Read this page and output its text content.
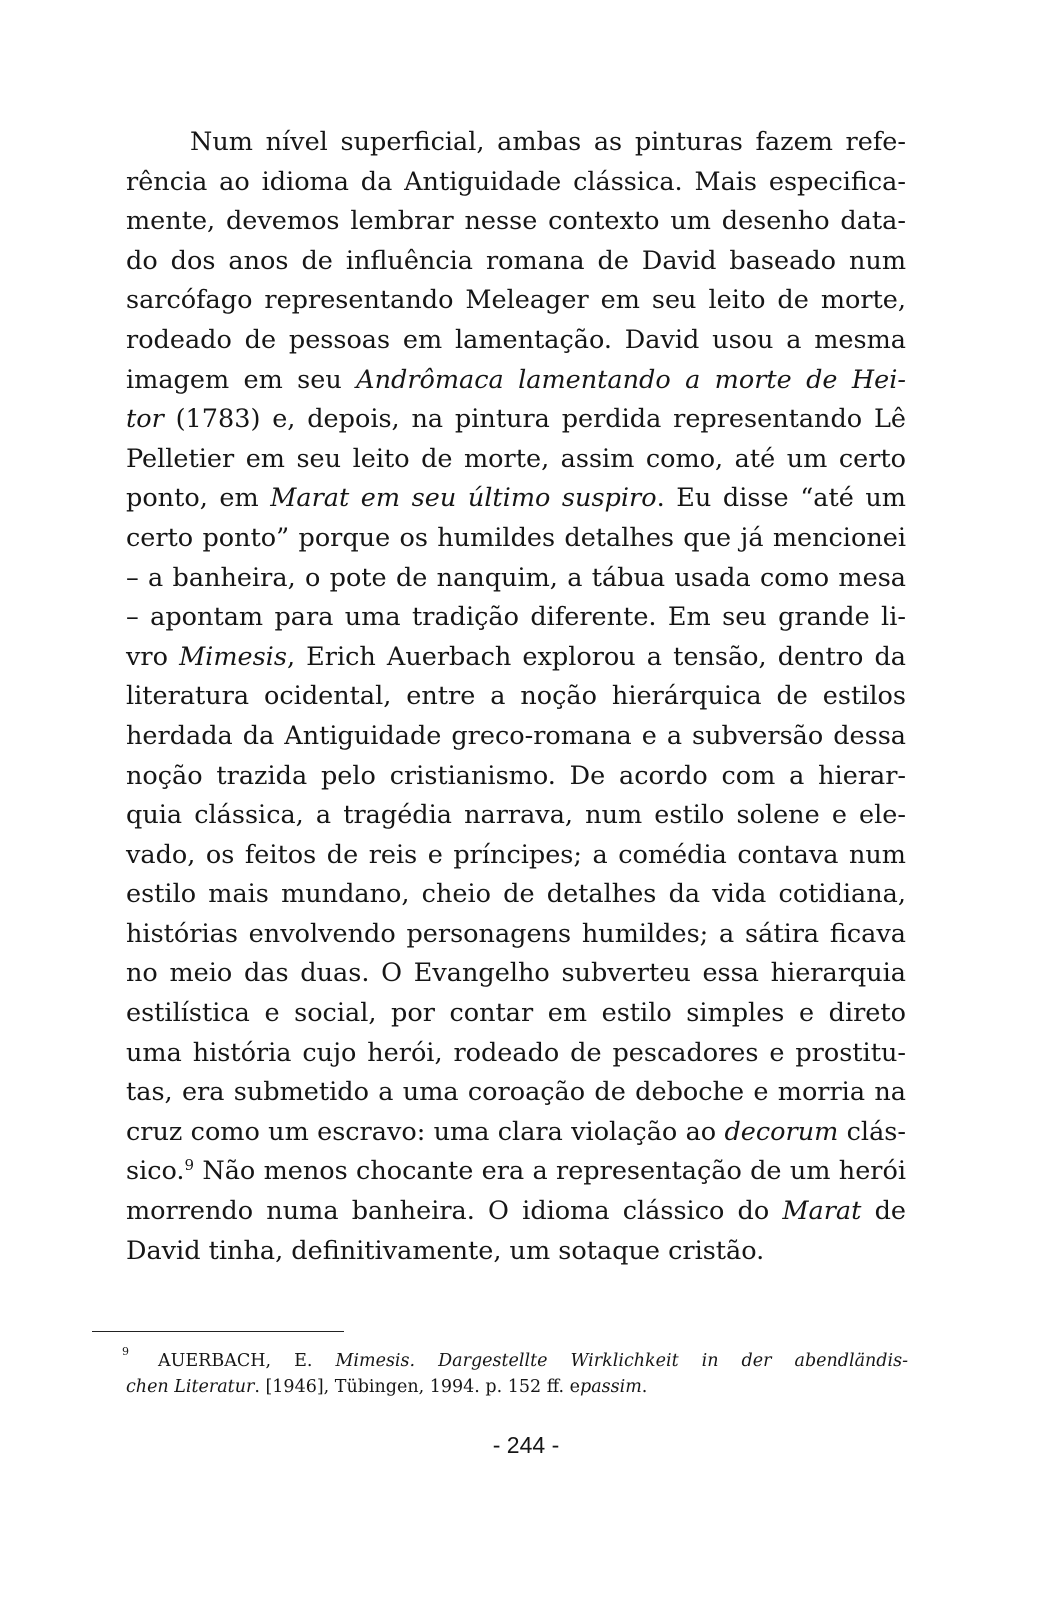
Num nível superficial, ambas as pinturas fazem refe-
rência ao idioma da Antiguidade clássica. Mais especifica-
mente, devemos lembrar nesse contexto um desenho data-
do dos anos de influência romana de David baseado num
sarcófago representando Meleager em seu leito de morte,
rodeado de pessoas em lamentação. David usou a mesma
imagem em seu Andrômaca lamentando a morte de Hei-
tor (1783) e, depois, na pintura perdida representando Lê
Pelletier em seu leito de morte, assim como, até um certo
ponto, em Marat em seu último suspiro. Eu disse “até um
certo ponto” porque os humildes detalhes que já mencionei
– a banheira, o pote de nanquim, a tábua usada como mesa
– apontam para uma tradição diferente. Em seu grande li-
vro Mimesis, Erich Auerbach explorou a tensão, dentro da
literatura ocidental, entre a noção hierárquica de estilos
herdada da Antiguidade greco-romana e a subversão dessa
noção trazida pelo cristianismo. De acordo com a hierar-
quia clássica, a tragédia narrava, num estilo solene e ele-
vado, os feitos de reis e príncipes; a comédia contava num
estilo mais mundano, cheio de detalhes da vida cotidiana,
histórias envolvendo personagens humildes; a sátira ficava
no meio das duas. O Evangelho subverteu essa hierarquia
estilística e social, por contar em estilo simples e direto
uma história cujo herói, rodeado de pescadores e prostitu-
tas, era submetido a uma coroação de deboche e morria na
cruz como um escravo: uma clara violação ao decorum clás-
sico.$^9$ Não menos chocante era a representação de um herói
morrendo numa banheira. O idioma clássico do Marat de
David tinha, definitivamente, um sotaque cristão.
9	AUERBACH, E. Mimesis. Dargestellte Wirklichkeit in der abendländis-
chen Literatur. [1946], Tübingen, 1994. p. 152 ff. epassim.
- 244 -
